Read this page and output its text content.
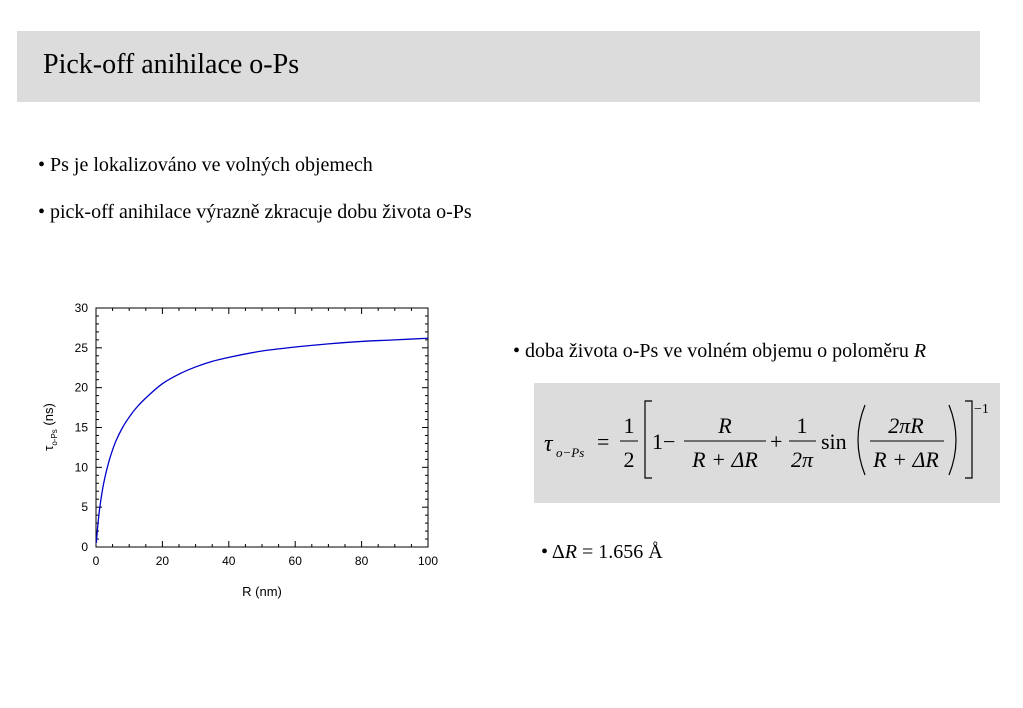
Pick-off anihilace o-Ps
• Ps je lokalizováno ve volných objemech
• pick-off anihilace výrazně zkracuje dobu života o-Ps
0	20	40	60	80	100
0
5
10
15
20
25
30
R (nm)
$\tau_{o-Ps}$ (ns)
• doba života o-Ps ve volném objemu o poloměru R
τ o−Ps =
1
2
1−
R
R + ΔR
+
1
2π
sin
2πR
R + ΔR
−1
• ΔR = 1.656 Å
